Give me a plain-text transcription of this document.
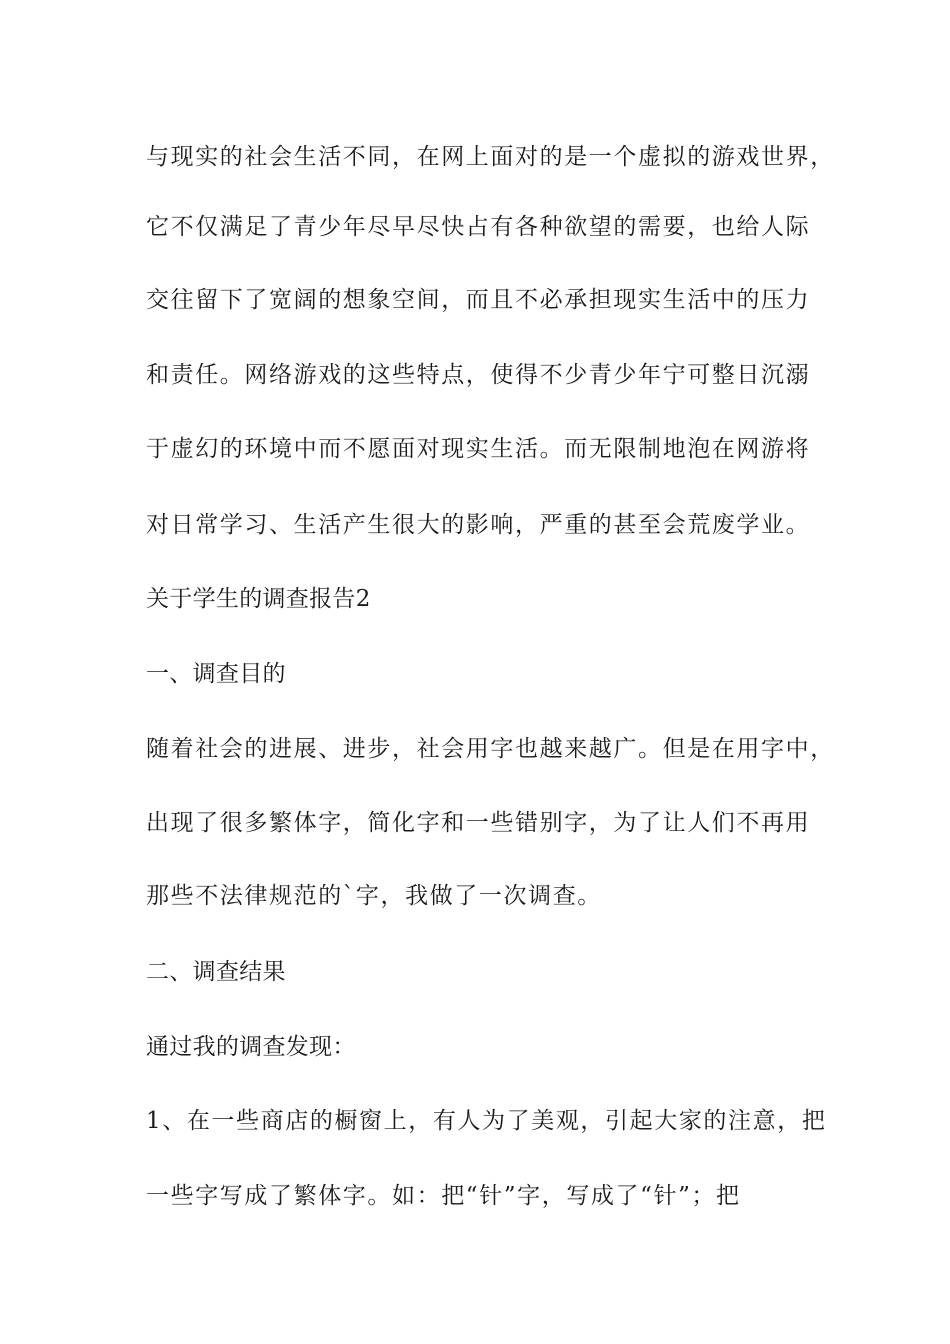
与现实的社会生活不同，在网上面对的是一个虚拟的游戏世界，

它不仅满足了青少年尽早尽快占有各种欲望的需要，也给人际

交往留下了宽阔的想象空间，而且不必承担现实生活中的压力

和责任。网络游戏的这些特点，使得不少青少年宁可整日沉溺

于虚幻的环境中而不愿面对现实生活。而无限制地泡在网游将

对日常学习、生活产生很大的影响，严重的甚至会荒废学业。

关于学生的调查报告2

一、调查目的

随着社会的进展、进步，社会用字也越来越广。但是在用字中，

出现了很多繁体字，简化字和一些错别字，为了让人们不再用

那些不法律规范的`字，我做了一次调查。

二、调查结果

通过我的调查发现：

1、在一些商店的橱窗上，有人为了美观，引起大家的注意，把

一些字写成了繁体字。如：把“针”字，写成了“针”；把
